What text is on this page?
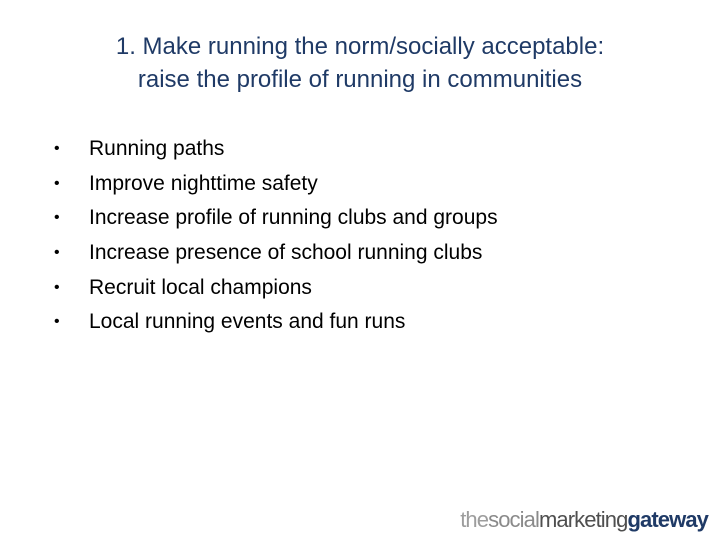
1. Make running the norm/socially acceptable:
raise the profile of running in communities
•	Running paths
•	Improve nighttime safety
•	Increase profile of running clubs and groups
•	Increase presence of school running clubs
•	Recruit local champions
•	Local running events and fun runs
thesocialmarketinggateway
